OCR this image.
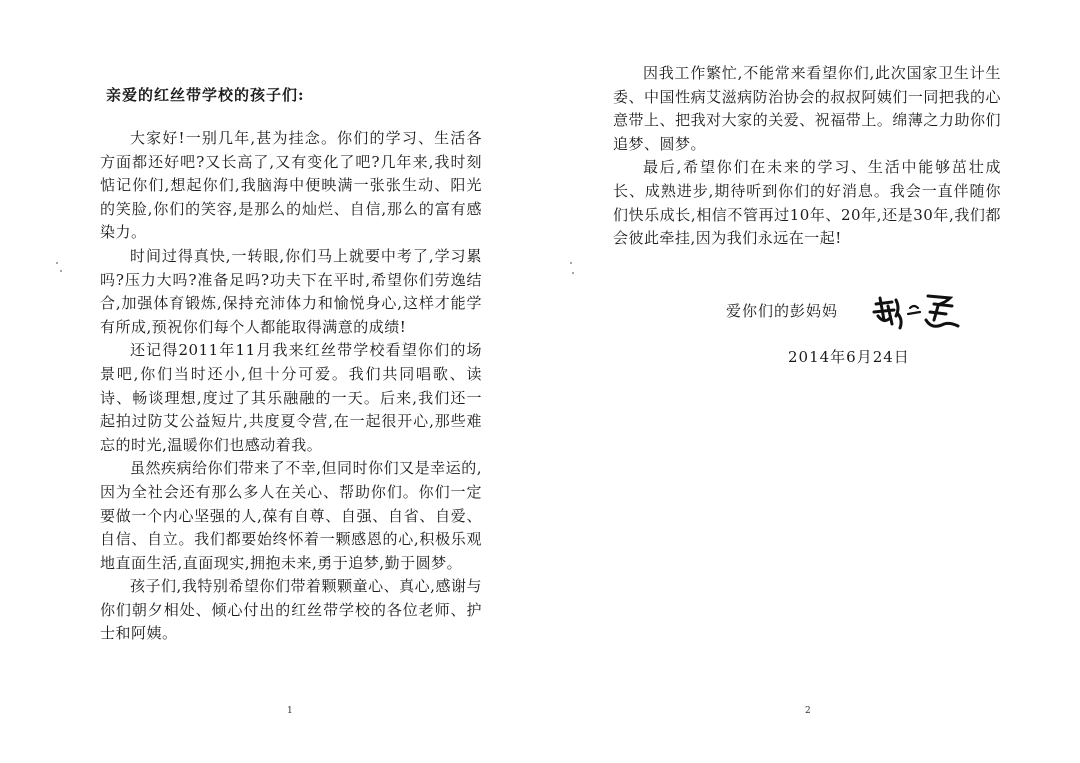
亲爱的红丝带学校的孩子们:

大家好!一别几年,甚为挂念。你们的学习、生活各方面都还好吧?又长高了,又有变化了吧?几年来,我时刻惦记你们,想起你们,我脑海中便映满一张张生动、阳光的笑脸,你们的笑容,是那么的灿烂、自信,那么的富有感染力。

时间过得真快,一转眼,你们马上就要中考了,学习累吗?压力大吗?准备足吗?功夫下在平时,希望你们劳逸结合,加强体育锻炼,保持充沛体力和愉悦身心,这样才能学有所成,预祝你们每个人都能取得满意的成绩!

还记得2011年11月我来红丝带学校看望你们的场景吧,你们当时还小,但十分可爱。我们共同唱歌、读诗、畅谈理想,度过了其乐融融的一天。后来,我们还一起拍过防艾公益短片,共度夏令营,在一起很开心,那些难忘的时光,温暖你们也感动着我。

虽然疾病给你们带来了不幸,但同时你们又是幸运的,因为全社会还有那么多人在关心、帮助你们。你们一定要做一个内心坚强的人,葆有自尊、自强、自省、自爱、自信、自立。我们都要始终怀着一颗感恩的心,积极乐观地直面生活,直面现实,拥抱未来,勇于追梦,勤于圆梦。

孩子们,我特别希望你们带着颗颗童心、真心,感谢与你们朝夕相处、倾心付出的红丝带学校的各位老师、护士和阿姨。

1

因我工作繁忙,不能常来看望你们,此次国家卫生计生委、中国性病艾滋病防治协会的叔叔阿姨们一同把我的心意带上、把我对大家的关爱、祝福带上。绵薄之力助你们追梦、圆梦。

最后,希望你们在未来的学习、生活中能够茁壮成长、成熟进步,期待听到你们的好消息。我会一直伴随你们快乐成长,相信不管再过10年、20年,还是30年,我们都会彼此牵挂,因为我们永远在一起!

爱你们的彭妈妈
2014年6月24日
2
